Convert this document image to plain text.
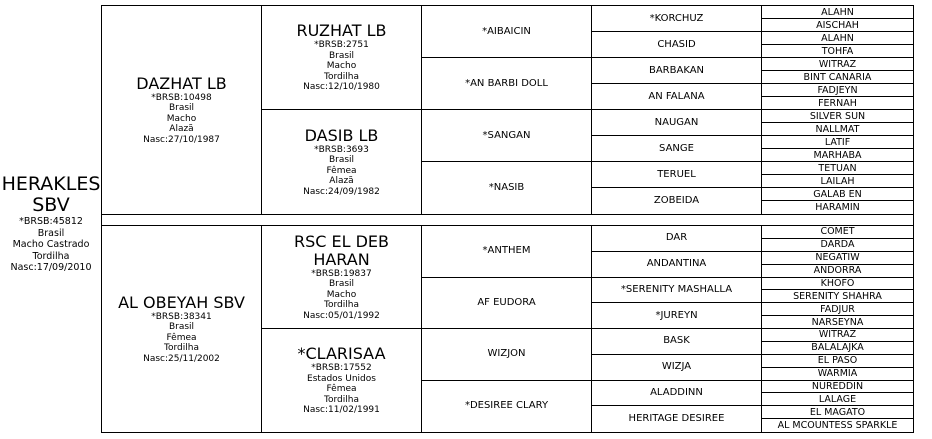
HERAKLES
SBV
*BRSB:45812
Brasil
Macho Castrado
Tordilha
Nasc:17/09/2010
DAZHAT LB
*BRSB:10498
Brasil
Macho
Alazã
Nasc:27/10/1987
AL OBEYAH SBV
*BRSB:38341
Brasil
Fêmea
Tordilha
Nasc:25/11/2002
RUZHAT LB
*BRSB:2751
Brasil
Macho
Tordilha
Nasc:12/10/1980
DASIB LB
*BRSB:3693
Brasil
Fêmea
Alazã
Nasc:24/09/1982
RSC EL DEB
HARAN
*BRSB:19837
Brasil
Macho
Tordilha
Nasc:05/01/1992
*CLARISAA
*BRSB:17552
Estados Unidos
Fêmea
Tordilha
Nasc:11/02/1991
*AIBAICIN
*AN BARBI DOLL
*SANGAN
*NASIB
*ANTHEM
AF EUDORA
WIZJON
*DESIREE CLARY
*KORCHUZ
CHASID
BARBAKAN
AN FALANA
NAUGAN
SANGE
TERUEL
ZOBEIDA
DAR
ANDANTINA
*SERENITY MASHALLA
*JUREYN
BASK
WIZJA
ALADDINN
HERITAGE DESIREE
ALAHN
AISCHAH
ALAHN
TOHFA
WITRAZ
BINT CANARIA
FADJEYN
FERNAH
SILVER SUN
NALLMAT
LATIF
MARHABA
TETUAN
LAILAH
GALAB EN
HARAMIN
COMET
DARDA
NEGATIW
ANDORRA
KHOFO
SERENITY SHAHRA
FADJUR
NARSEYNA
WITRAZ
BALALAJKA
EL PASO
WARMIA
NUREDDIN
LALAGE
EL MAGATO
AL MCOUNTESS SPARKLE
